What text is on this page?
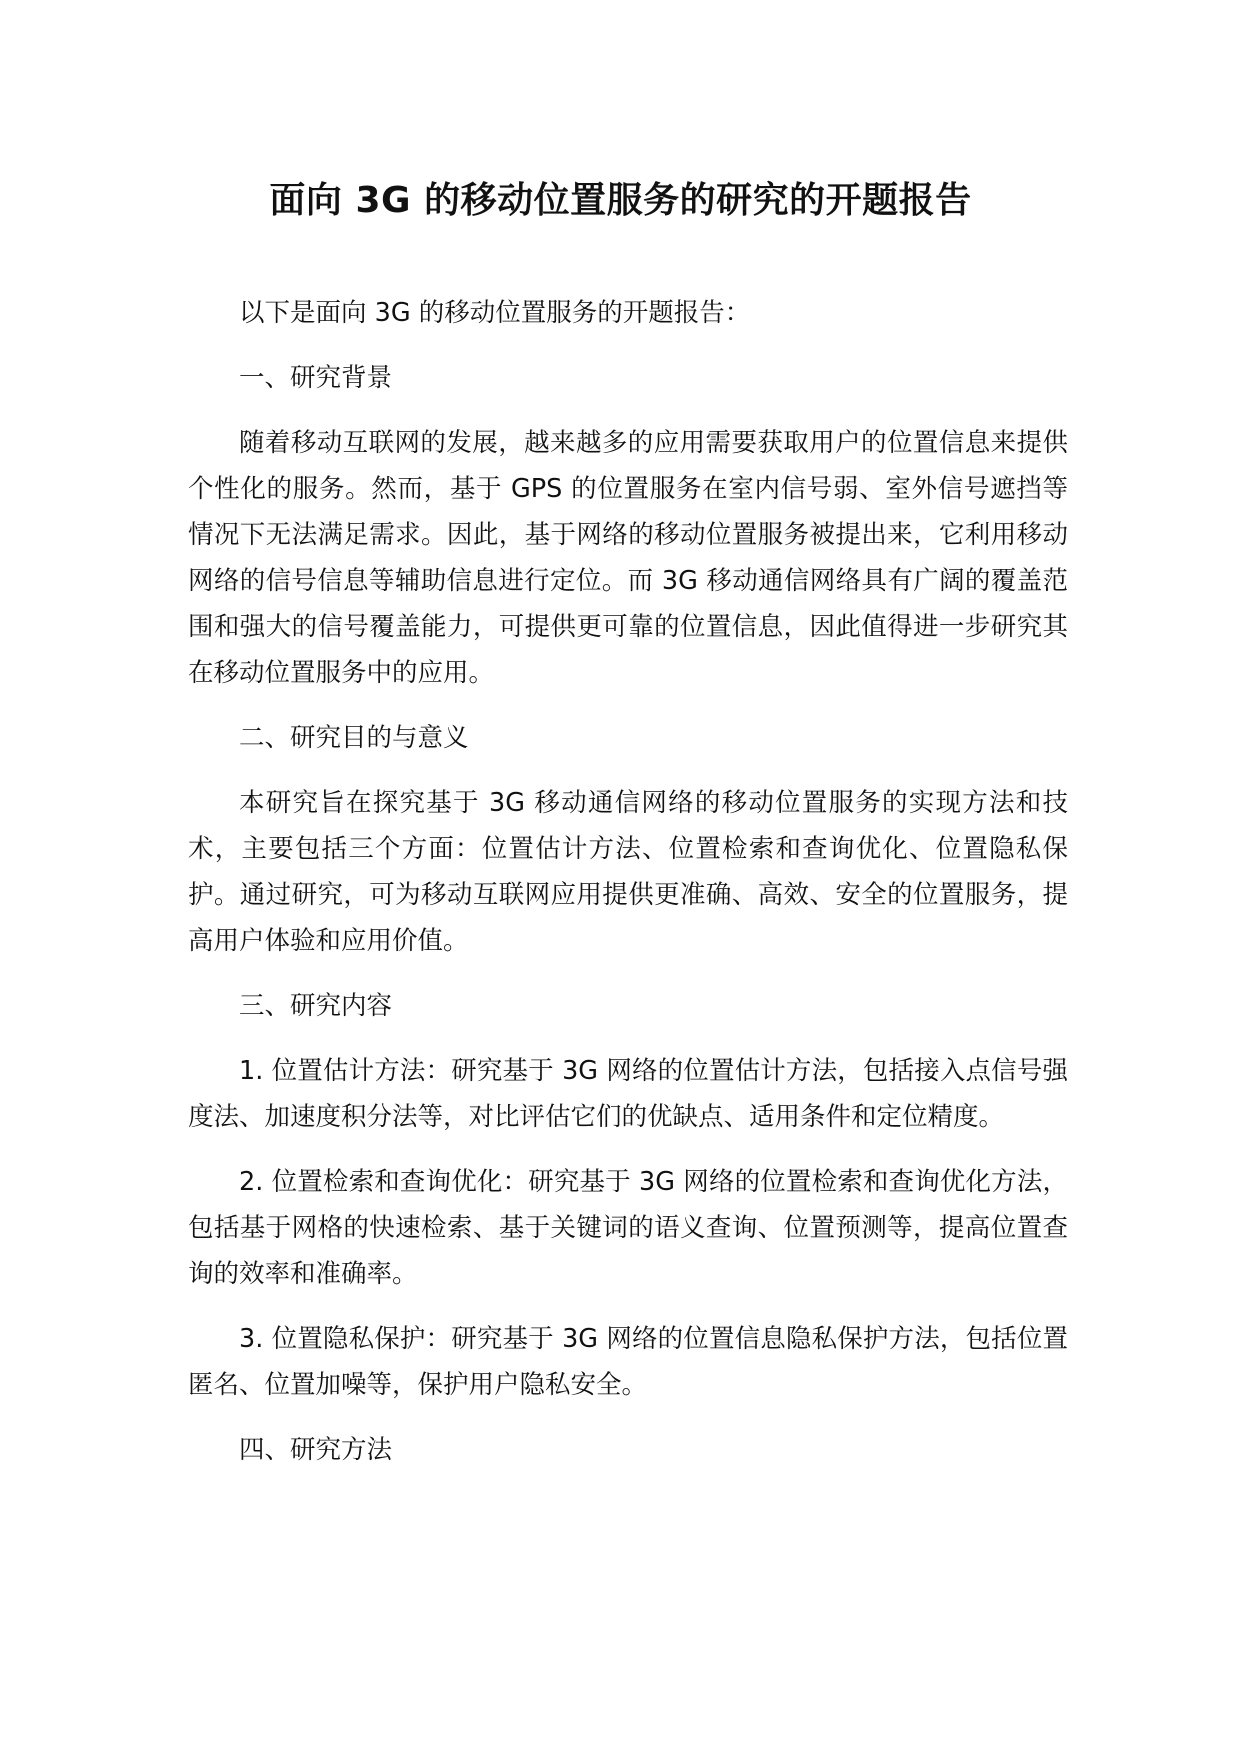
面向 3G 的移动位置服务的研究的开题报告

以下是面向 3G 的移动位置服务的开题报告：

一、研究背景

随着移动互联网的发展，越来越多的应用需要获取用户的位置信息来提供个性化的服务。然而，基于 GPS 的位置服务在室内信号弱、室外信号遮挡等情况下无法满足需求。因此，基于网络的移动位置服务被提出来，它利用移动网络的信号信息等辅助信息进行定位。而 3G 移动通信网络具有广阔的覆盖范围和强大的信号覆盖能力，可提供更可靠的位置信息，因此值得进一步研究其在移动位置服务中的应用。

二、研究目的与意义

本研究旨在探究基于 3G 移动通信网络的移动位置服务的实现方法和技术，主要包括三个方面：位置估计方法、位置检索和查询优化、位置隐私保护。通过研究，可为移动互联网应用提供更准确、高效、安全的位置服务，提高用户体验和应用价值。

三、研究内容

1. 位置估计方法：研究基于 3G 网络的位置估计方法，包括接入点信号强度法、加速度积分法等，对比评估它们的优缺点、适用条件和定位精度。

2. 位置检索和查询优化：研究基于 3G 网络的位置检索和查询优化方法，包括基于网格的快速检索、基于关键词的语义查询、位置预测等，提高位置查询的效率和准确率。

3. 位置隐私保护：研究基于 3G 网络的位置信息隐私保护方法，包括位置匿名、位置加噪等，保护用户隐私安全。

四、研究方法
